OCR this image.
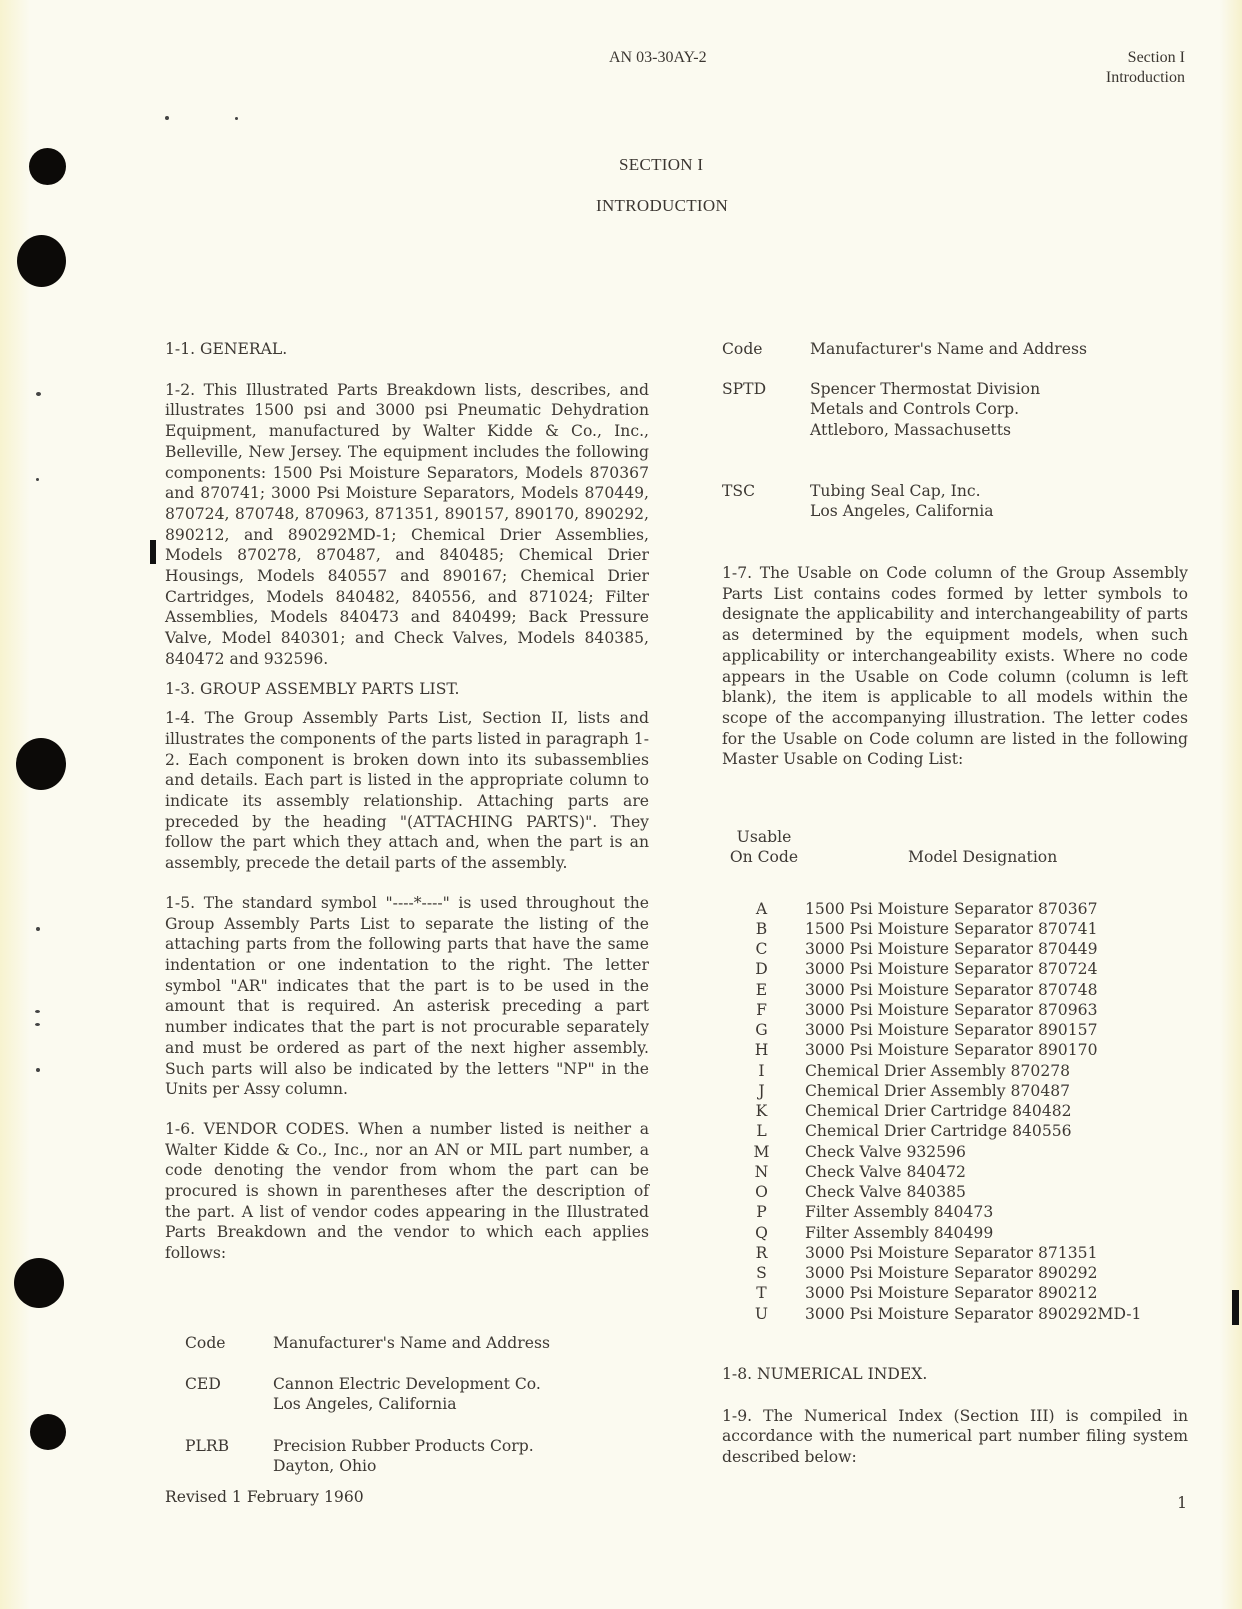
AN 03-30AY-2	Section I
Introduction
SECTION I
INTRODUCTION

1-1. GENERAL.

1-2. This Illustrated Parts Breakdown lists, describes, and illustrates 1500 psi and 3000 psi Pneumatic Dehydration Equipment, manufactured by Walter Kidde & Co., Inc., Belleville, New Jersey. The equipment includes the following components: 1500 Psi Moisture Separators, Models 870367 and 870741; 3000 Psi Moisture Separators, Models 870449, 870724, 870748, 870963, 871351, 890157, 890170, 890292, 890212, and 890292MD-1; Chemical Drier Assemblies, Models 870278, 870487, and 840485; Chemical Drier Housings, Models 840557 and 890167; Chemical Drier Cartridges, Models 840482, 840556, and 871024; Filter Assemblies, Models 840473 and 840499; Back Pressure Valve, Model 840301; and Check Valves, Models 840385, 840472 and 932596.

1-3. GROUP ASSEMBLY PARTS LIST.

1-4. The Group Assembly Parts List, Section II, lists and illustrates the components of the parts listed in paragraph 1-2. Each component is broken down into its subassemblies and details. Each part is listed in the appropriate column to indicate its assembly relationship. Attaching parts are preceded by the heading "(ATTACHING PARTS)". They follow the part which they attach and, when the part is an assembly, precede the detail parts of the assembly.

1-5. The standard symbol "----*----" is used throughout the Group Assembly Parts List to separate the listing of the attaching parts from the following parts that have the same indentation or one indentation to the right. The letter symbol "AR" indicates that the part is to be used in the amount that is required. An asterisk preceding a part number indicates that the part is not procurable separately and must be ordered as part of the next higher assembly. Such parts will also be indicated by the letters "NP" in the Units per Assy column.

1-6. VENDOR CODES. When a number listed is neither a Walter Kidde & Co., Inc., nor an AN or MIL part number, a code denoting the vendor from whom the part can be procured is shown in parentheses after the description of the part. A list of vendor codes appearing in the Illustrated Parts Breakdown and the vendor to which each applies follows:

Code	Manufacturer's Name and Address
CED	Cannon Electric Development Co.
Los Angeles, California
PLRB	Precision Rubber Products Corp.
Dayton, Ohio
Revised 1 February 1960	1
Code	Manufacturer's Name and Address
SPTD	Spencer Thermostat Division
Metals and Controls Corp.
Attleboro, Massachusetts
TSC	Tubing Seal Cap, Inc.
Los Angeles, California

1-7. The Usable on Code column of the Group Assembly Parts List contains codes formed by letter symbols to designate the applicability and interchangeability of parts as determined by the equipment models, when such applicability or interchangeability exists. Where no code appears in the Usable on Code column (column is left blank), the item is applicable to all models within the scope of the accompanying illustration. The letter codes for the Usable on Code column are listed in the following Master Usable on Coding List:

Usable
On Code	Model Designation
A	1500 Psi Moisture Separator 870367
B	1500 Psi Moisture Separator 870741
C	3000 Psi Moisture Separator 870449
D	3000 Psi Moisture Separator 870724
E	3000 Psi Moisture Separator 870748
F	3000 Psi Moisture Separator 870963
G	3000 Psi Moisture Separator 890157
H	3000 Psi Moisture Separator 890170
I	Chemical Drier Assembly 870278
J	Chemical Drier Assembly 870487
K	Chemical Drier Cartridge 840482
L	Chemical Drier Cartridge 840556
M	Check Valve 932596
N	Check Valve 840472
O	Check Valve 840385
P	Filter Assembly 840473
Q	Filter Assembly 840499
R	3000 Psi Moisture Separator 871351
S	3000 Psi Moisture Separator 890292
T	3000 Psi Moisture Separator 890212
U	3000 Psi Moisture Separator 890292MD-1

1-8. NUMERICAL INDEX.

1-9. The Numerical Index (Section III) is compiled in accordance with the numerical part number filing system described below:
